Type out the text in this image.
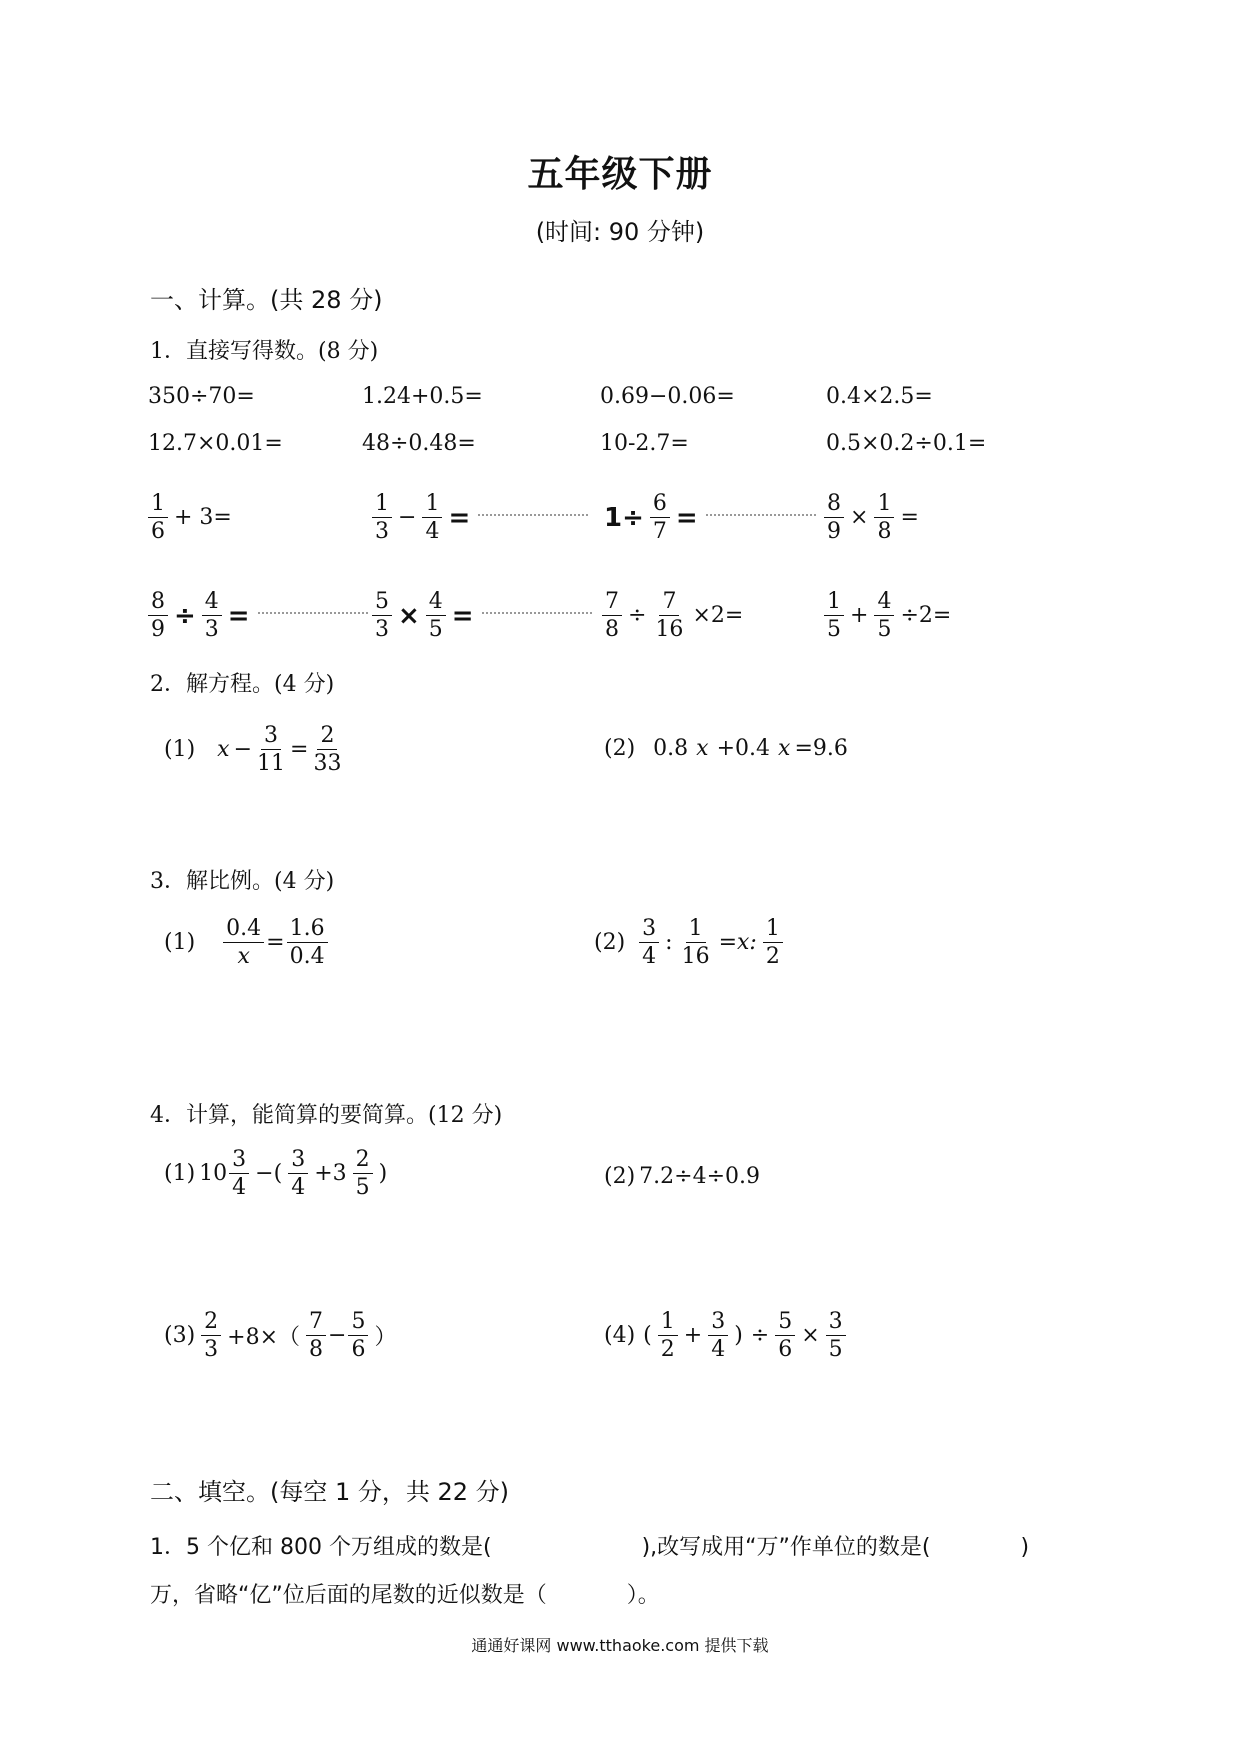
五年级下册
(时间: 90 分钟)
一、计算。(共 28 分)
1．直接写得数。(8 分)
350÷70=	1.24+0.5=	0.69−0.06=	0.4×2.5=
12.7×0.01=	48÷0.48=	10-2.7=	0.5×0.2÷0.1=
$\frac{1}{6} + 3=$	$\frac{1}{3} - \frac{1}{4}$ =	$1\div \frac{6}{7}$ =	$\frac{8}{9} \times \frac{1}{8}$ =
$\frac{8}{9} \div \frac{4}{3}$ =	$\frac{5}{3} \times \frac{4}{5}$ =	$\frac{7}{8} \div \frac{7}{16} \times 2=$	$\frac{1}{5} + \frac{4}{5} \div 2=$
2．解方程。(4 分)
(1) $x - \frac{3}{11} = \frac{2}{33}$	(2) 0.8 x +0.4 x =9.6
3．解比例。(4 分)
$(1) \frac{0.4}{x} = \frac{1.6}{0.4}$	$(2) \frac{3}{4}$ : $\frac{1}{16} =x$: $\frac{1}{2}$
4．计算，能简算的要简算。(12 分)
(1) $10 \frac{3}{4}$ −( $\frac{3}{4} +3 \frac{2}{5}$ )	(2) 7.2÷4÷0.9
$(3) \frac{2}{3} +8\times( \frac{7}{8} - \frac{5}{6}$ ）	(4) ( $\frac{1}{2} + \frac{3}{4}$ ) ÷ $\frac{5}{6} \times \frac{3}{5}$
二、填空。(每空 1 分，共 22 分)
1．5 个亿和 800 个万组成的数是(	),改写成用“万”作单位的数是(	)
万，省略“亿”位后面的尾数的近似数是（	）。
通通好课网 www.tthaoke.com 提供下载
